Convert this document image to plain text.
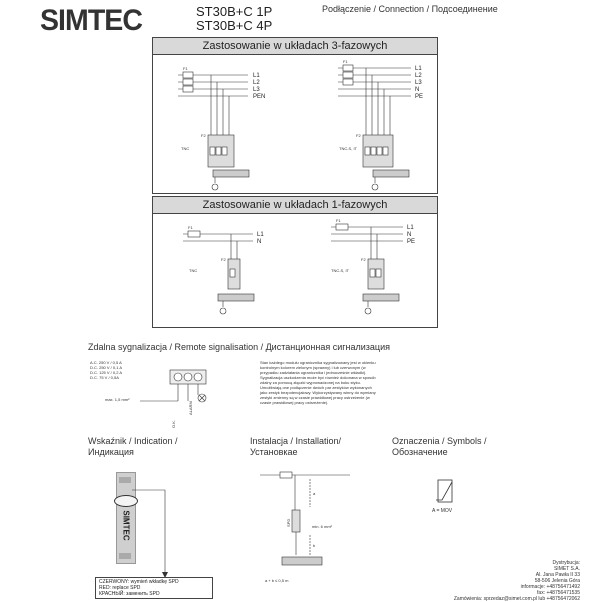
SIMTEC	ST30B+C 1P
ST30B+C 4P
Podłączenie / Connection / Подсоединение
Zastosowanie w układach 3-fazowych
L1
L2
L3
PEN
F1
F2
TNC
L1
L2
L3
N
PE
F1
F2
TNC-S, IT
Zastosowanie w układach 1-fazowych
L1
N
F1
F2
TNC
L1
N
PE
F1
F2
TNC-S, IT
Zdalna sygnalizacja / Remote signalisation / Дистанционная сигнализация
A.C. 250 V / 0,5 A
D.C. 250 V / 0,1 A
D.C. 125 V / 0,2 A
D.C. 75 V / 0,5A
O.K.
ALARM
max. 1,5 mm²
Stan każdego modułu ogranicznika sygnalizowany jest w okienku kontrolnym kolorem zielonym (sprawny) i lub czerwonym (w przypadku zadziałania ogranicznika i jednocześnie wkładki). Sygnalizacja uszkodzenia może być również dokonana w sposób zdalny za pomocą złączki wyprowadzonej na boku styku. Umożliwiają one podłączenie dwóch par zestyków wykonanych jako zestyk bezpotencjałowy. Wykorzystywany winny do wymiany zestyki zmienny są w czasie prawidłowej pracy ostrzeżenie (w czasie prawidłowej pracy ostrzeżenie).
Wskaźnik / Indication /
Индикация
SIMTEC
CZERWONY: wymień wkładkę SPD
RED: replace SPD
КРАСНЫЙ: заменить SPD
Instalacja / Installation/
Установкае
a
b
SPD	min. 6 mm²
a + b ≤ 0,5 m
Oznaczenia / Symbols /
Обозначение
A = MOV
Dystrybucja:
SIMET S.A.
Al. Jana Pawła II 33
58-506 Jelenia Góra
informacje: +48756471492
fax: +48756471535
Zamówienia: sprzedaz@simet.com.pl lub +48756472062
